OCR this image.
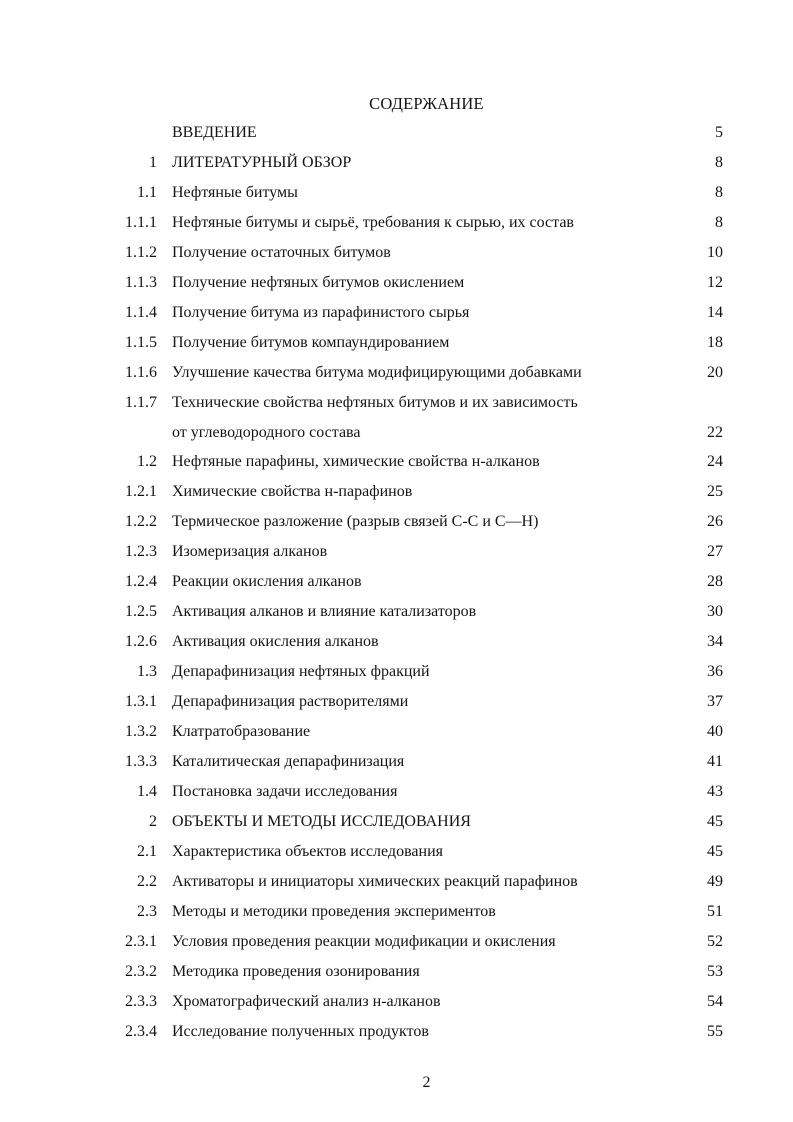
СОДЕРЖАНИЕ
ВВЕДЕНИЕ	5
1 ЛИТЕРАТУРНЫЙ ОБЗОР	8
1.1 Нефтяные битумы	8
1.1.1 Нефтяные битумы и сырьё, требования к сырью, их состав	8
1.1.2 Получение остаточных битумов	10
1.1.3 Получение нефтяных битумов окислением	12
1.1.4 Получение битума из парафинистого сырья	14
1.1.5 Получение битумов компаундированием	18
1.1.6 Улучшение качества битума модифицирующими добавками	20
1.1.7 Технические свойства нефтяных битумов и их зависимость
от углеводородного состава	22
1.2 Нефтяные парафины, химические свойства н-алканов	24
1.2.1 Химические свойства н-парафинов	25
1.2.2 Термическое разложение (разрыв связей С-С и С—Н)	26
1.2.3 Изомеризация алканов	27
1.2.4 Реакции окисления алканов	28
1.2.5 Активация алканов и влияние катализаторов	30
1.2.6 Активация окисления алканов	34
1.3 Депарафинизация нефтяных фракций	36
1.3.1 Депарафинизация растворителями	37
1.3.2 Клатратобразование	40
1.3.3 Каталитическая депарафинизация	41
1.4 Постановка задачи исследования	43
2 ОБЪЕКТЫ И МЕТОДЫ ИССЛЕДОВАНИЯ	45
2.1 Характеристика объектов исследования	45
2.2 Активаторы и инициаторы химических реакций парафинов	49
2.3 Методы и методики проведения экспериментов	51
2.3.1 Условия проведения реакции модификации и окисления	52
2.3.2 Методика проведения озонирования	53
2.3.3 Хроматографический анализ н-алканов	54
2.3.4 Исследование полученных продуктов	55
2
